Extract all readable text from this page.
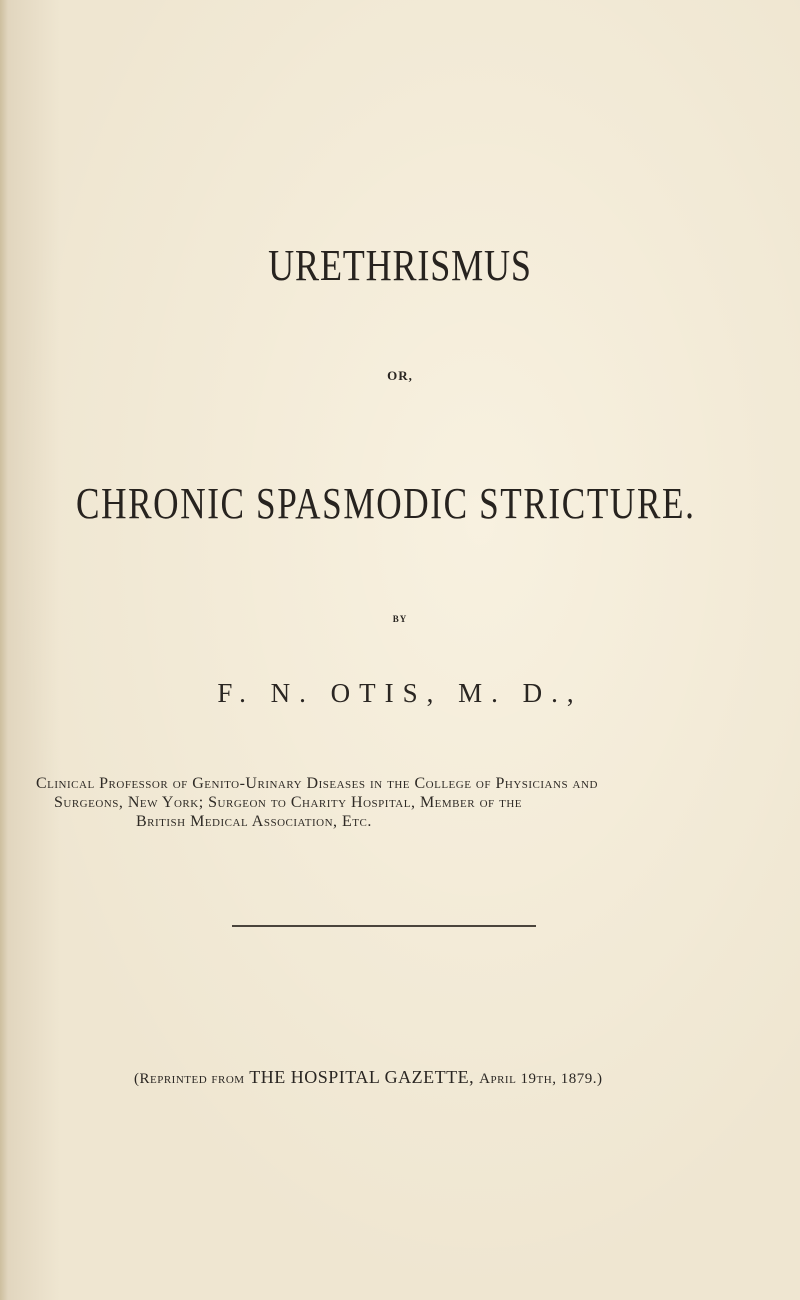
URETHRISMUS
OR,
CHRONIC SPASMODIC STRICTURE.
BY
F. N. OTIS, M. D.,
Clinical Professor of Genito-Urinary Diseases in the College of Physicians and
Surgeons, New York; Surgeon to Charity Hospital, Member of the
British Medical Association, Etc.
(Reprinted from THE HOSPITAL GAZETTE, April 19th, 1879.)
